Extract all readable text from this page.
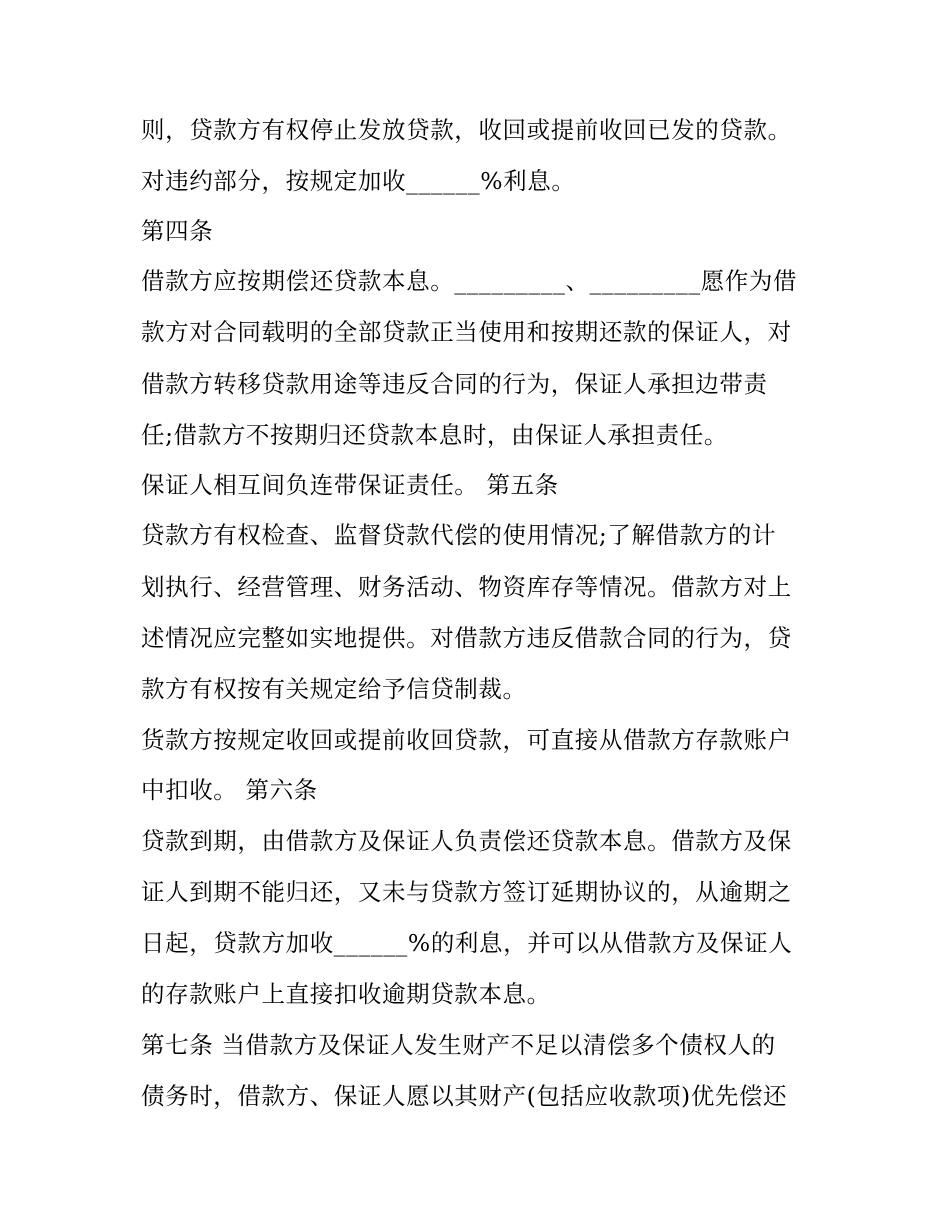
则，贷款方有权停止发放贷款，收回或提前收回已发的贷款。
对违约部分，按规定加收______%利息。
第四条
借款方应按期偿还贷款本息。_________、_________愿作为借
款方对合同载明的全部贷款正当使用和按期还款的保证人，对
借款方转移贷款用途等违反合同的行为，保证人承担边带责
任;借款方不按期归还贷款本息时，由保证人承担责任。
保证人相互间负连带保证责任。 第五条
贷款方有权检查、监督贷款代偿的使用情况;了解借款方的计
划执行、经营管理、财务活动、物资库存等情况。借款方对上
述情况应完整如实地提供。对借款方违反借款合同的行为，贷
款方有权按有关规定给予信贷制裁。
货款方按规定收回或提前收回贷款，可直接从借款方存款账户
中扣收。 第六条
贷款到期，由借款方及保证人负责偿还贷款本息。借款方及保
证人到期不能归还，又未与贷款方签订延期协议的，从逾期之
日起，贷款方加收______%的利息，并可以从借款方及保证人
的存款账户上直接扣收逾期贷款本息。
第七条 当借款方及保证人发生财产不足以清偿多个债权人的
债务时，借款方、保证人愿以其财产(包括应收款项)优先偿还
